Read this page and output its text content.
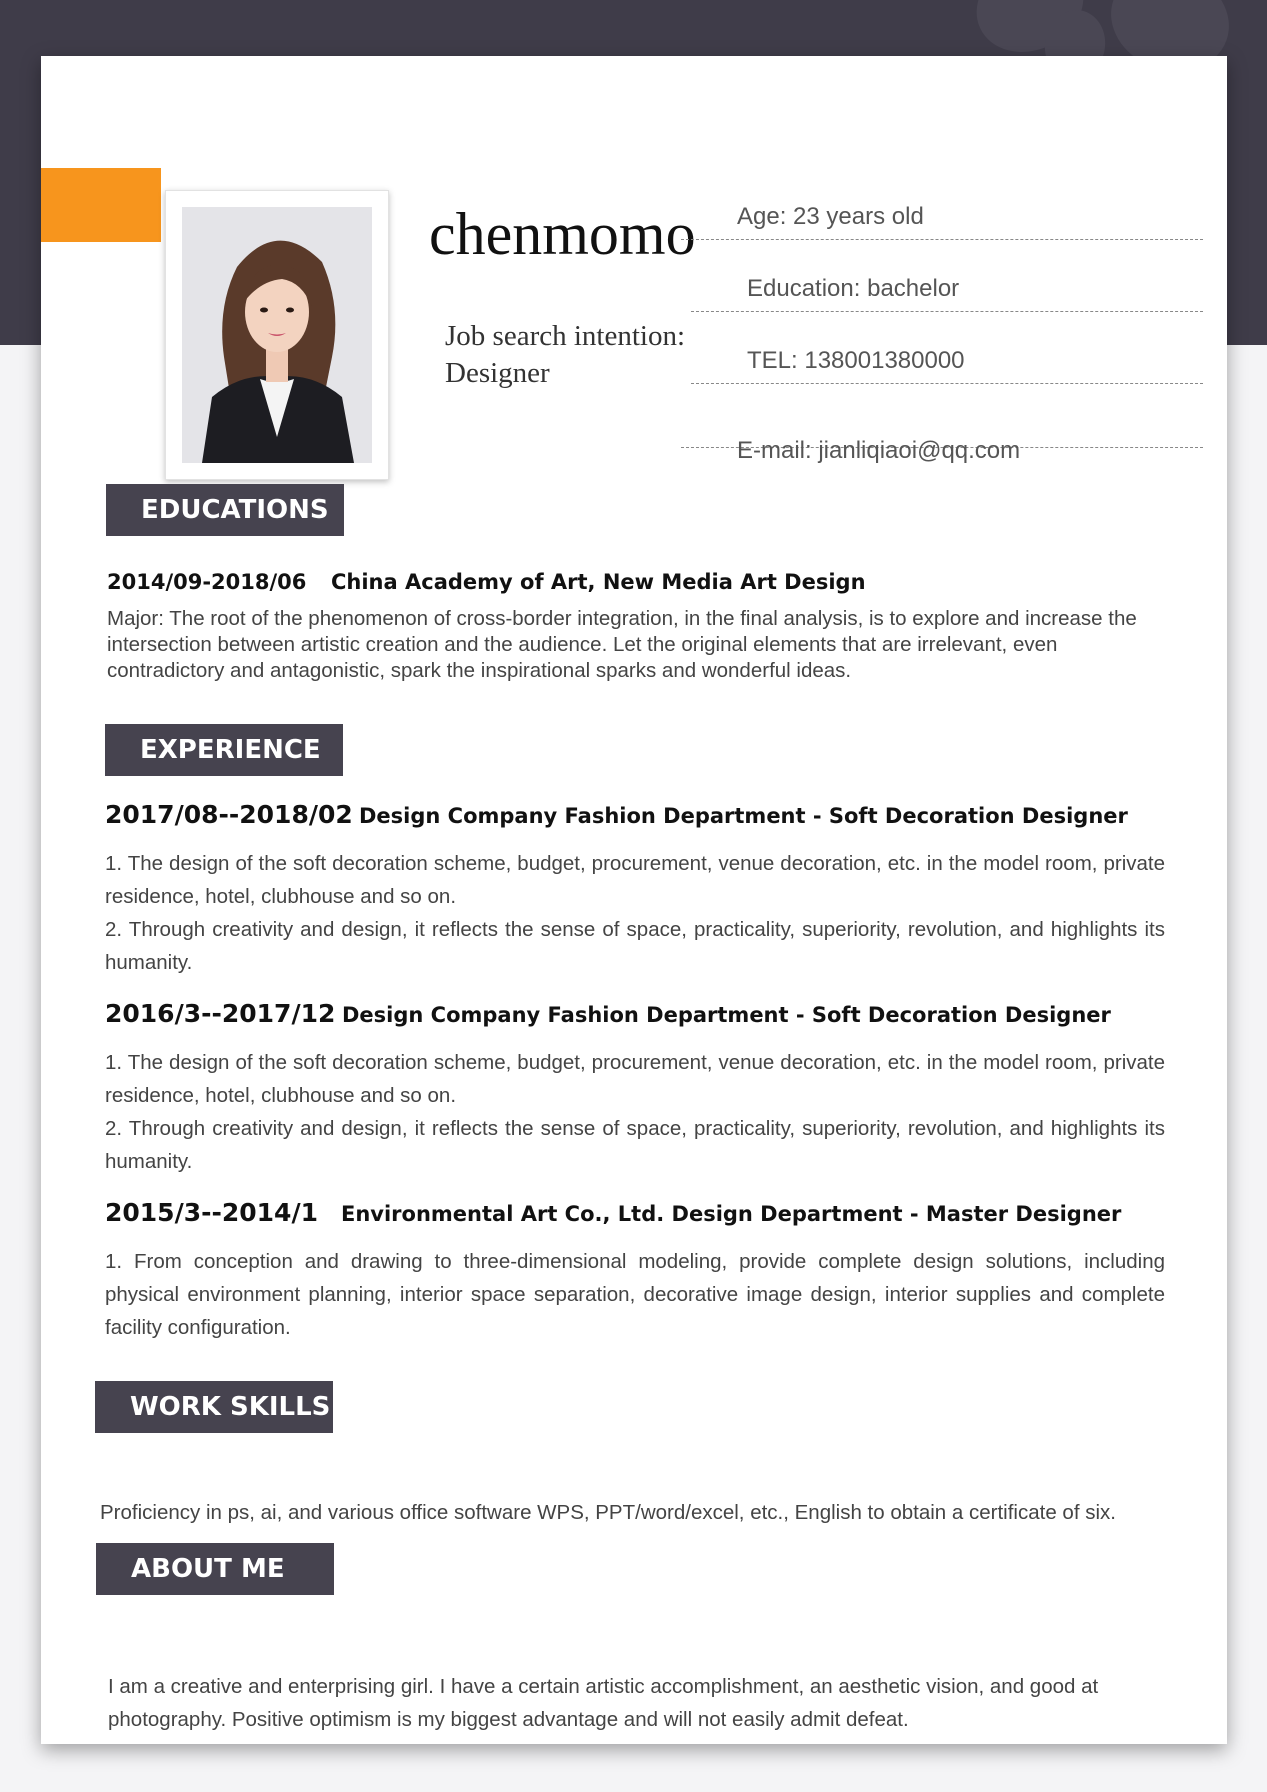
chenmomo
Job search intention:
Designer
Age: 23 years old
Education: bachelor
TEL: 138001380000
E-mail: jianliqiaoi@qq.com
EDUCATIONS
2014/09-2018/06 China Academy of Art, New Media Art Design
Major: The root of the phenomenon of cross-border integration, in the final analysis, is to explore and increase the intersection between artistic creation and the audience. Let the original elements that are irrelevant, even contradictory and antagonistic, spark the inspirational sparks and wonderful ideas.
EXPERIENCE
2017/08--2018/02 Design Company Fashion Department - Soft Decoration Designer

1. The design of the soft decoration scheme, budget, procurement, venue decoration, etc. in the model room, private residence, hotel, clubhouse and so on.

2. Through creativity and design, it reflects the sense of space, practicality, superiority, revolution, and highlights its humanity.

2016/3--2017/12 Design Company Fashion Department - Soft Decoration Designer

1. The design of the soft decoration scheme, budget, procurement, venue decoration, etc. in the model room, private residence, hotel, clubhouse and so on.

2. Through creativity and design, it reflects the sense of space, practicality, superiority, revolution, and highlights its humanity.

2015/3--2014/1 Environmental Art Co., Ltd. Design Department - Master Designer

1. From conception and drawing to three-dimensional modeling, provide complete design solutions, including physical environment planning, interior space separation, decorative image design, interior supplies and complete facility configuration.

WORK SKILLS
Proficiency in ps, ai, and various office software WPS, PPT/word/excel, etc., English to obtain a certificate of six.
ABOUT ME
I am a creative and enterprising girl. I have a certain artistic accomplishment, an aesthetic vision, and good at photography. Positive optimism is my biggest advantage and will not easily admit defeat.
